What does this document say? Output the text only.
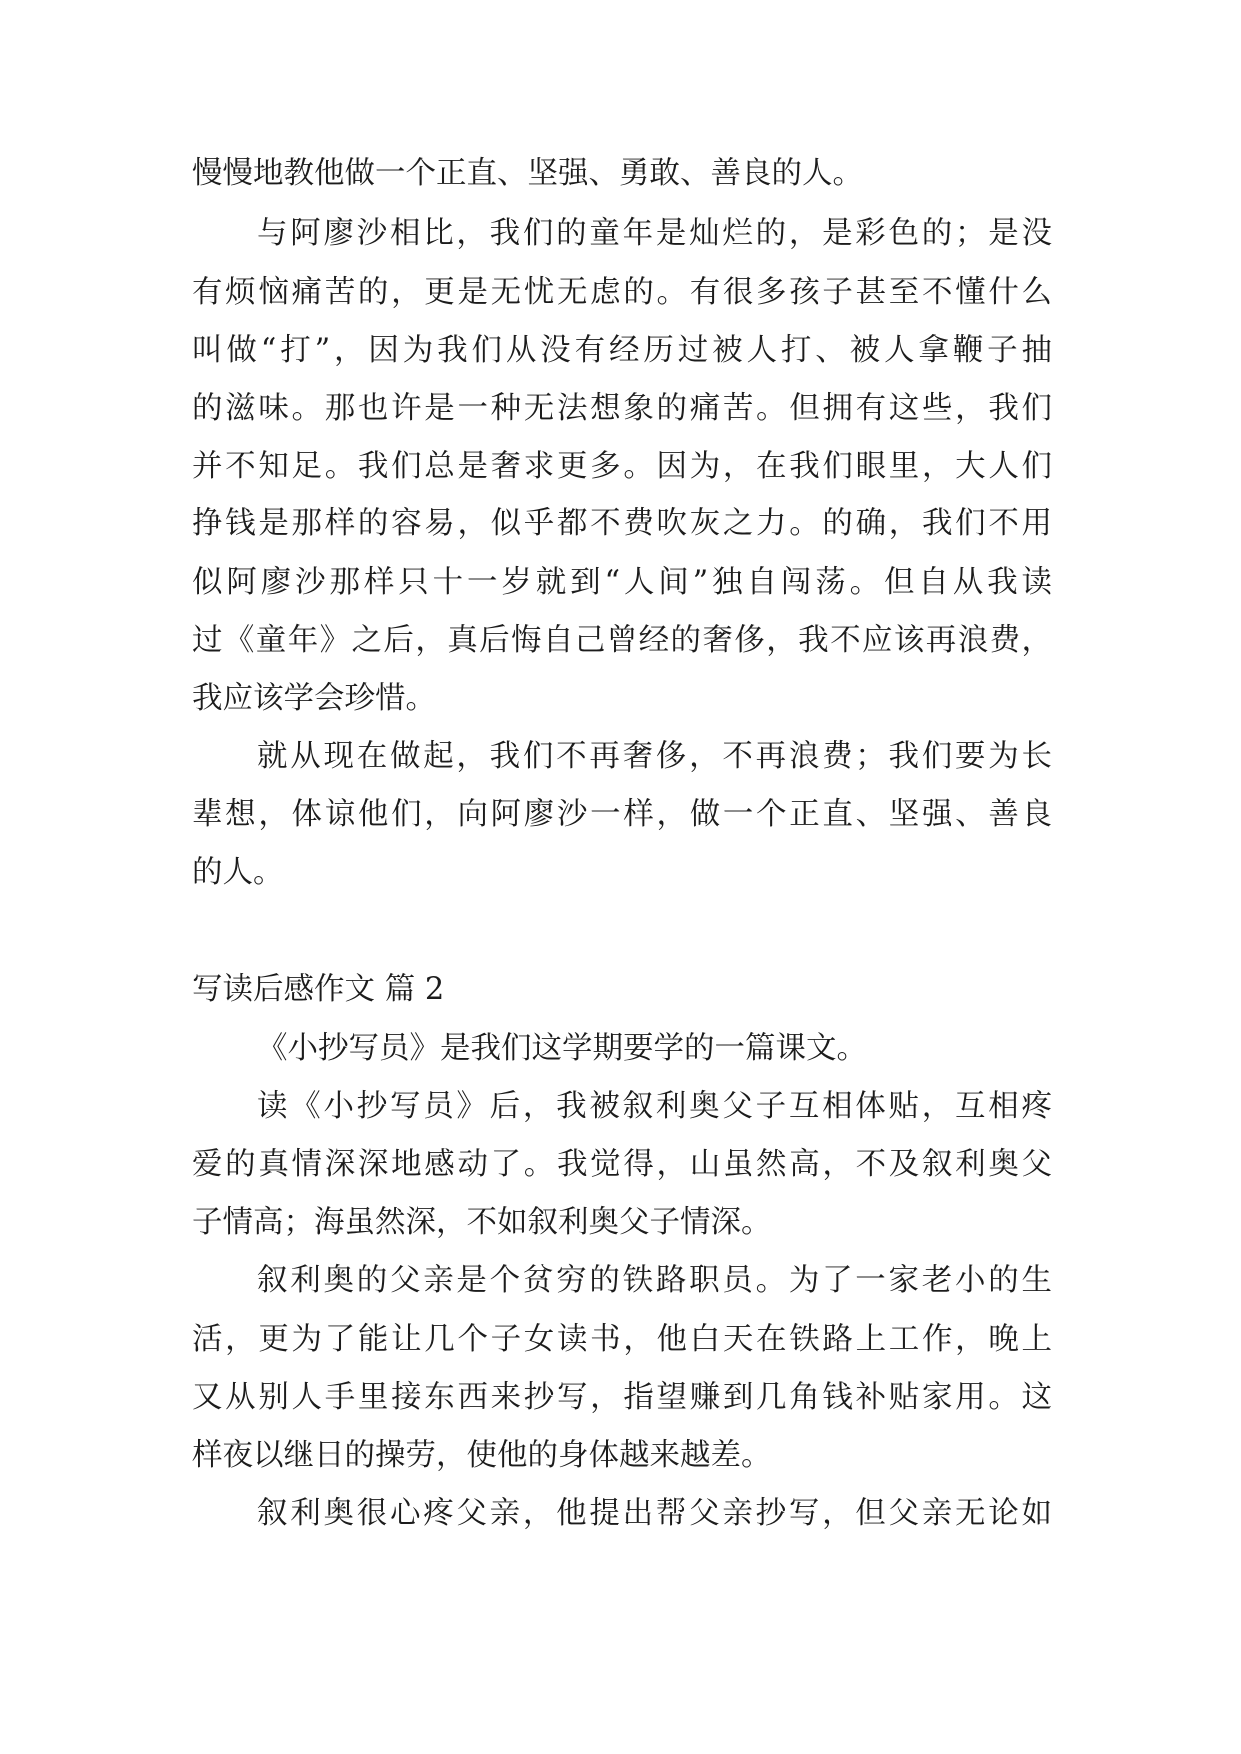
慢慢地教他做一个正直、坚强、勇敢、善良的人。
与阿廖沙相比，我们的童年是灿烂的，是彩色的；是没
有烦恼痛苦的，更是无忧无虑的。有很多孩子甚至不懂什么
叫做“打”，因为我们从没有经历过被人打、被人拿鞭子抽
的滋味。那也许是一种无法想象的痛苦。但拥有这些，我们
并不知足。我们总是奢求更多。因为，在我们眼里，大人们
挣钱是那样的容易，似乎都不费吹灰之力。的确，我们不用
似阿廖沙那样只十一岁就到“人间”独自闯荡。但自从我读
过《童年》之后，真后悔自己曾经的奢侈，我不应该再浪费，
我应该学会珍惜。
就从现在做起，我们不再奢侈，不再浪费；我们要为长
辈想，体谅他们，向阿廖沙一样，做一个正直、坚强、善良
的人。
写读后感作文 篇 2
《小抄写员》是我们这学期要学的一篇课文。
读《小抄写员》后，我被叙利奥父子互相体贴，互相疼
爱的真情深深地感动了。我觉得，山虽然高，不及叙利奥父
子情高；海虽然深，不如叙利奥父子情深。
叙利奥的父亲是个贫穷的铁路职员。为了一家老小的生
活，更为了能让几个子女读书，他白天在铁路上工作，晚上
又从别人手里接东西来抄写，指望赚到几角钱补贴家用。这
样夜以继日的操劳，使他的身体越来越差。
叙利奥很心疼父亲，他提出帮父亲抄写，但父亲无论如
